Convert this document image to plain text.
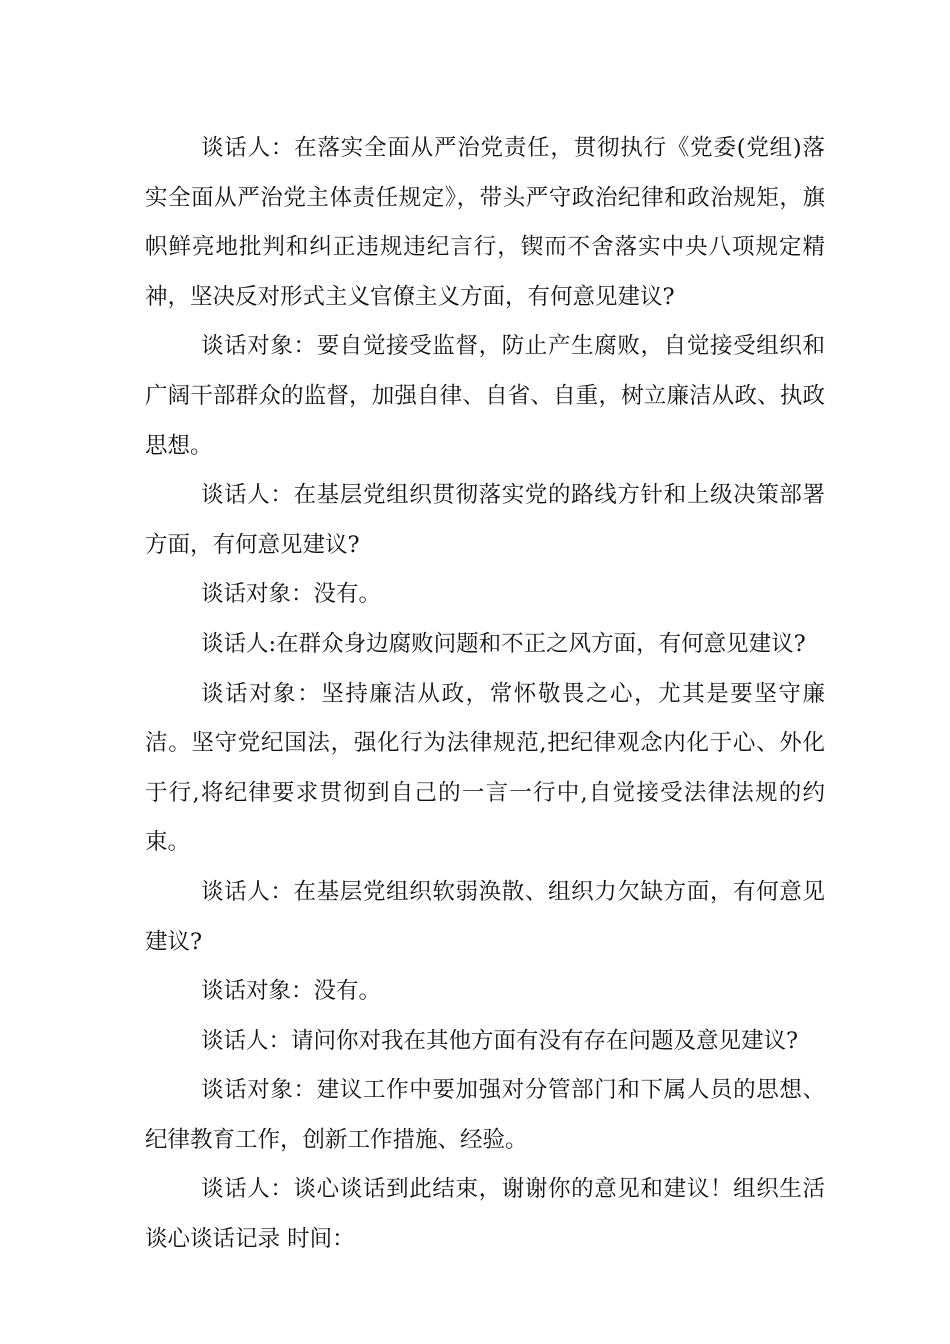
谈话人：在落实全面从严治党责任，贯彻执行《党委(党组)落实全面从严治党主体责任规定》，带头严守政治纪律和政治规矩，旗帜鲜亮地批判和纠正违规违纪言行，锲而不舍落实中央八项规定精神，坚决反对形式主义官僚主义方面，有何意见建议?

谈话对象：要自觉接受监督，防止产生腐败，自觉接受组织和广阔干部群众的监督，加强自律、自省、自重，树立廉洁从政、执政思想。

谈话人：在基层党组织贯彻落实党的路线方针和上级决策部署方面，有何意见建议?

谈话对象：没有。

谈话人:在群众身边腐败问题和不正之风方面，有何意见建议?

谈话对象：坚持廉洁从政，常怀敬畏之心，尤其是要坚守廉洁。坚守党纪国法，强化行为法律规范,把纪律观念内化于心、外化于行,将纪律要求贯彻到自己的一言一行中,自觉接受法律法规的约束。

谈话人：在基层党组织软弱涣散、组织力欠缺方面，有何意见建议?

谈话对象：没有。

谈话人：请问你对我在其他方面有没有存在问题及意见建议?

谈话对象：建议工作中要加强对分管部门和下属人员的思想、纪律教育工作，创新工作措施、经验。

谈话人：谈心谈话到此结束，谢谢你的意见和建议！组织生活谈心谈话记录 时间：
